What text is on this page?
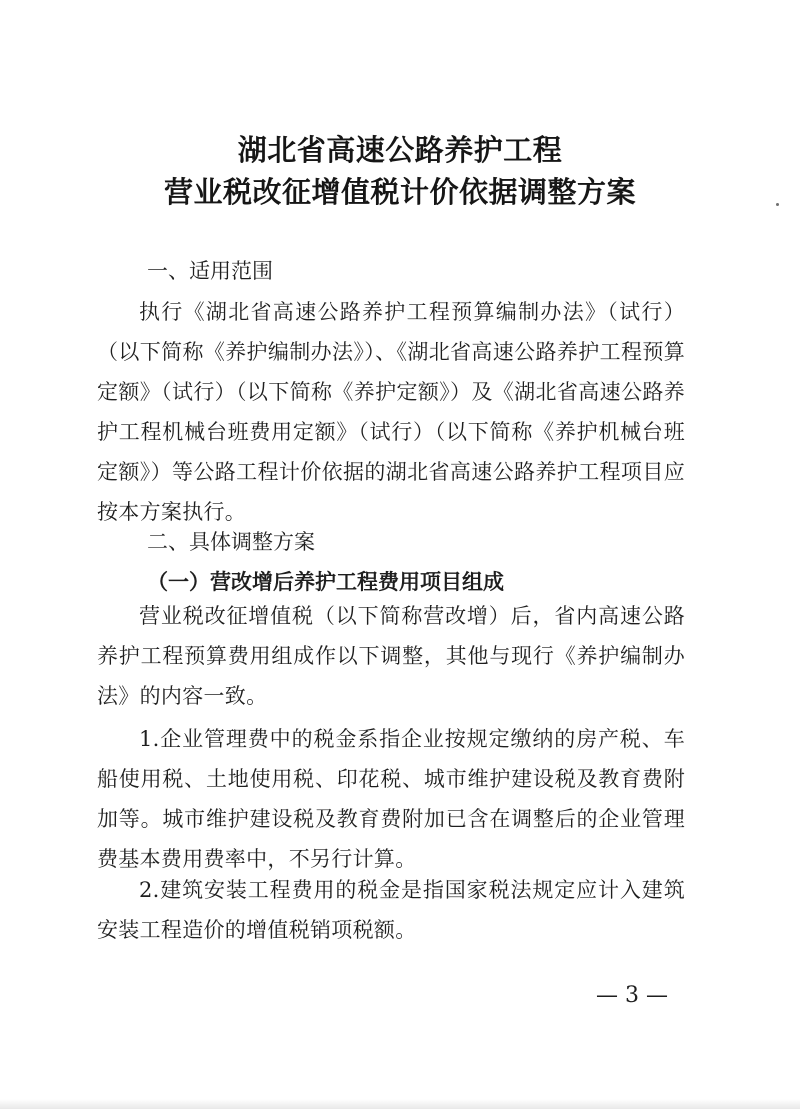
湖北省高速公路养护工程
营业税改征增值税计价依据调整方案
一、适用范围

执行《湖北省高速公路养护工程预算编制办法》（试行）（以下简称《养护编制办法》）、《湖北省高速公路养护工程预算定额》（试行）（以下简称《养护定额》）及《湖北省高速公路养护工程机械台班费用定额》（试行）（以下简称《养护机械台班定额》）等公路工程计价依据的湖北省高速公路养护工程项目应按本方案执行。

二、具体调整方案
（一）营改增后养护工程费用项目组成

营业税改征增值税（以下简称营改增）后，省内高速公路养护工程预算费用组成作以下调整，其他与现行《养护编制办法》的内容一致。

1.企业管理费中的税金系指企业按规定缴纳的房产税、车船使用税、土地使用税、印花税、城市维护建设税及教育费附加等。城市维护建设税及教育费附加已含在调整后的企业管理费基本费用费率中，不另行计算。

2.建筑安装工程费用的税金是指国家税法规定应计入建筑安装工程造价的增值税销项税额。

— 3 —
